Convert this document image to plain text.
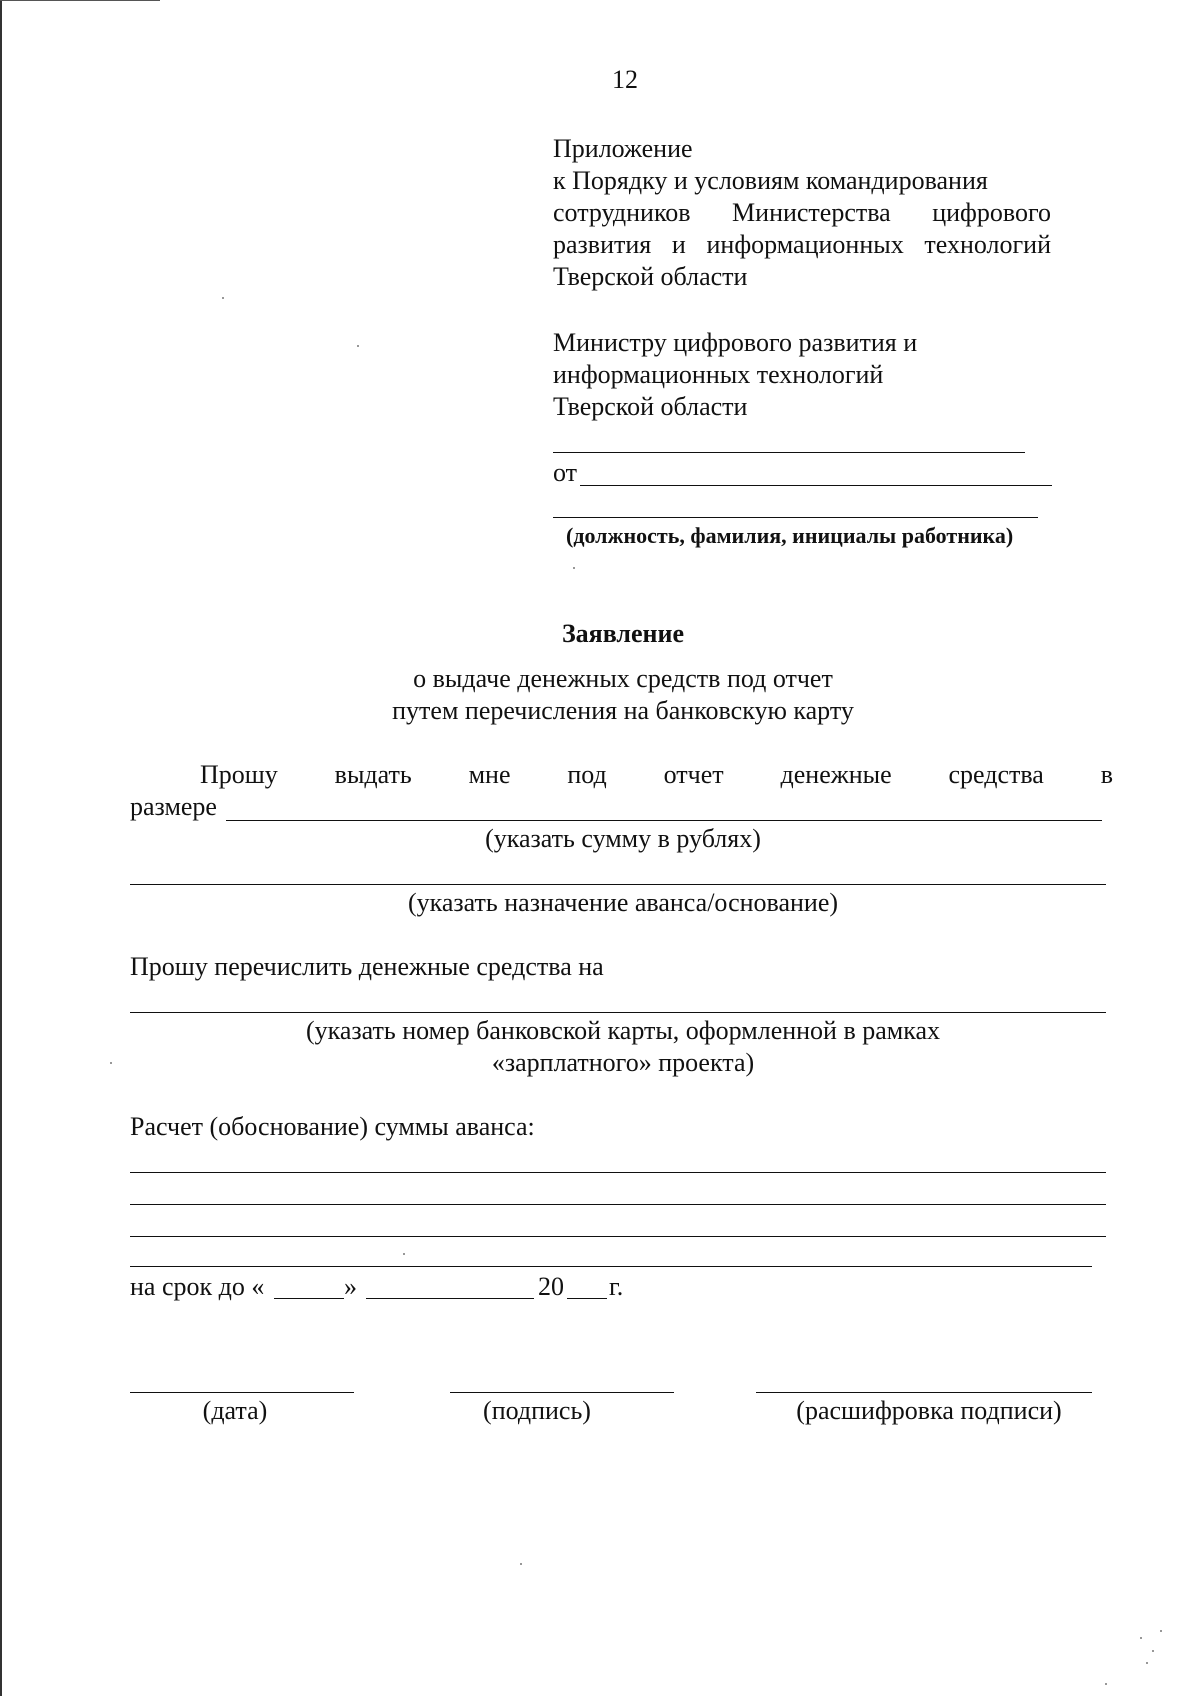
12

Приложение

к Порядку и условиям командирования

сотрудников Министерства цифрового

развития и информационных технологий

Тверской области

Министру цифрового развития и

информационных технологий

Тверской области

от

(должность, фамилия, инициалы работника)

Заявление

о выдаче денежных средств под отчет

путем перечисления на банковскую карту

Прошу выдать мне под отчет денежные средства в

размере

(указать сумму в рублях)

(указать назначение аванса/основание)

Прошу перечислить денежные средства на

(указать номер банковской карты, оформленной в рамках

«зарплатного» проекта)

Расчет (обоснование) суммы аванса:

на срок до «	»	20 г.

(дата)	(подпись)	(расшифровка подписи)
